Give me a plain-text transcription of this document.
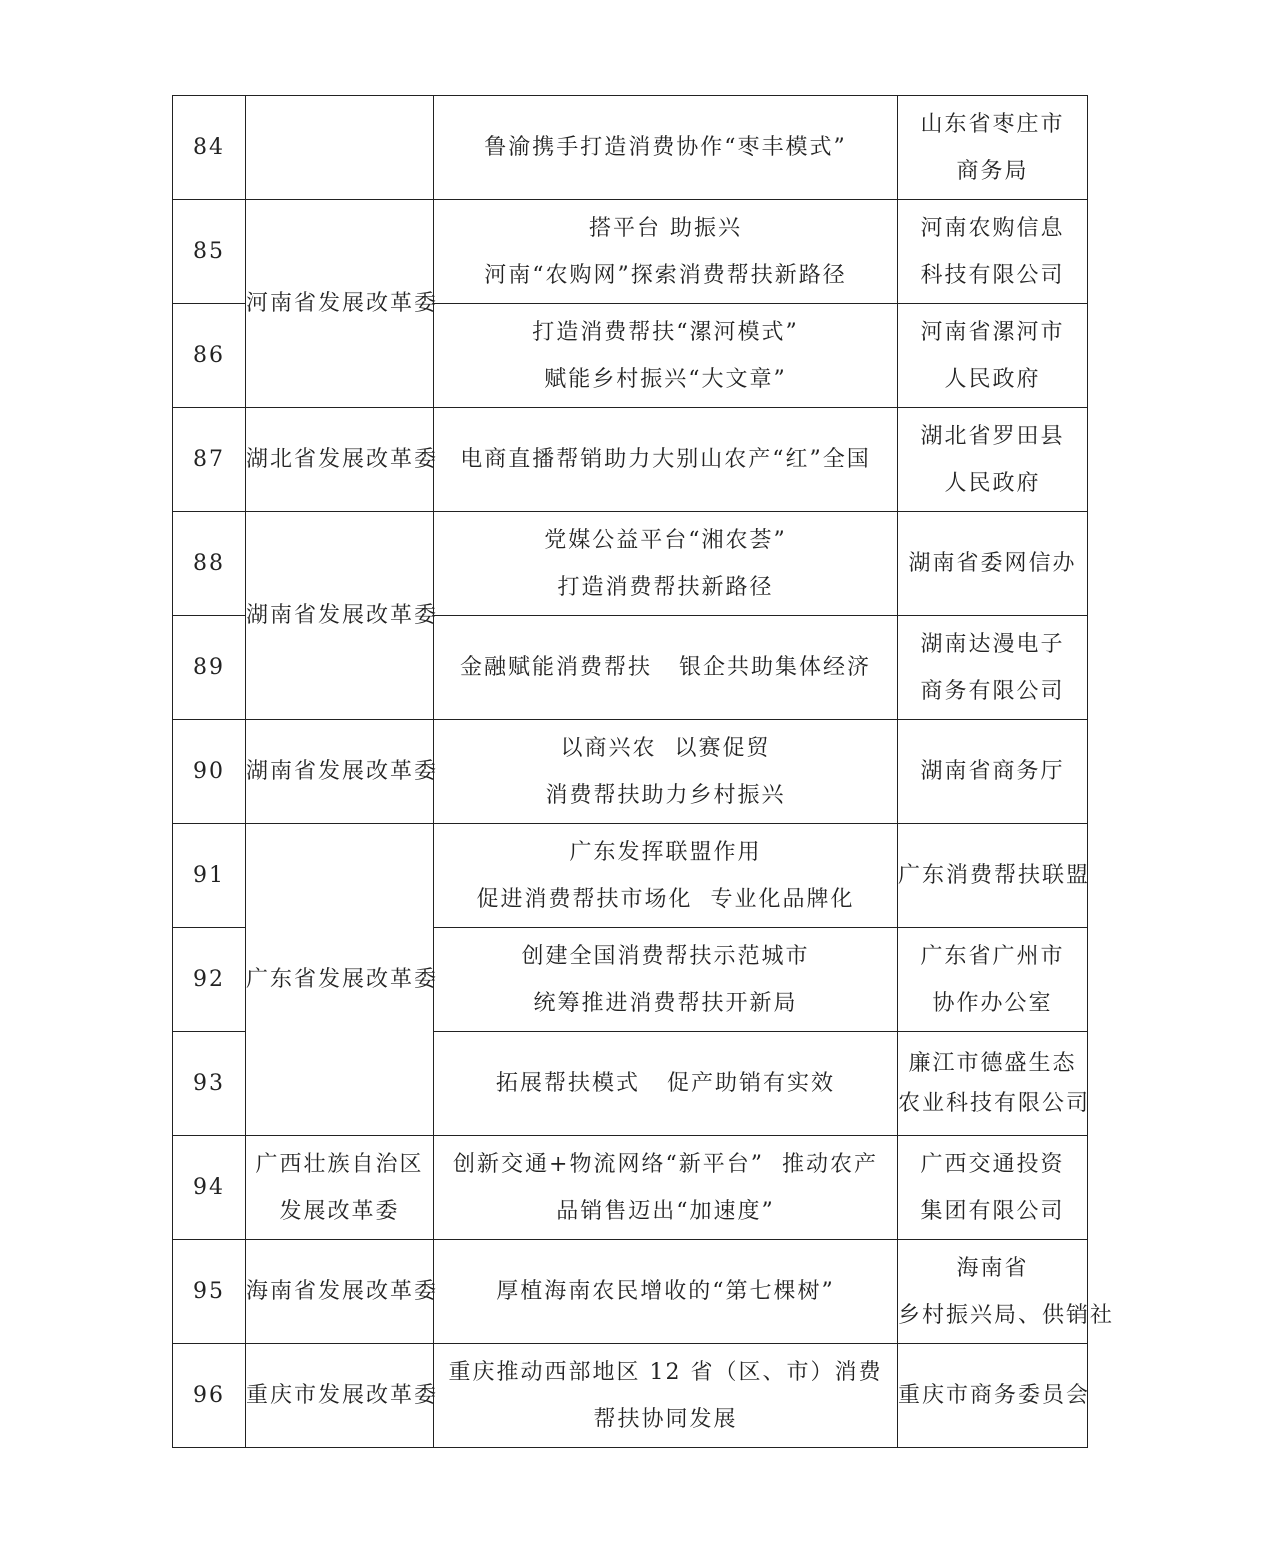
84		鲁渝携手打造消费协作“枣丰模式”	山东省枣庄市
商务局

85	河南省发展改革委	搭平台 助振兴
河南“农购网”探索消费帮扶新路径	河南农购信息
科技有限公司

86		打造消费帮扶“漯河模式”
赋能乡村振兴“大文章”	河南省漯河市
人民政府

87	湖北省发展改革委	电商直播帮销助力大别山农产“红”全国	湖北省罗田县
人民政府

88	湖南省发展改革委	党媒公益平台“湘农荟”
打造消费帮扶新路径	湖南省委网信办

89		金融赋能消费帮扶   银企共助集体经济	湖南达漫电子
商务有限公司

90	湖南省发展改革委	以商兴农  以赛促贸
消费帮扶助力乡村振兴	湖南省商务厅

91	广东省发展改革委	广东发挥联盟作用
促进消费帮扶市场化  专业化品牌化	广东消费帮扶联盟

92		创建全国消费帮扶示范城市
统筹推进消费帮扶开新局	广东省广州市
协作办公室

93		拓展帮扶模式   促产助销有实效	廉江市德盛生态
农业科技有限公司

94	广西壮族自治区
发展改革委	创新交通+物流网络“新平台”  推动农产
品销售迈出“加速度”	广西交通投资
集团有限公司

95	海南省发展改革委	厚植海南农民增收的“第七棵树”	海南省
乡村振兴局、供销社

96	重庆市发展改革委	重庆推动西部地区 12 省（区、市）消费
帮扶协同发展	重庆市商务委员会
